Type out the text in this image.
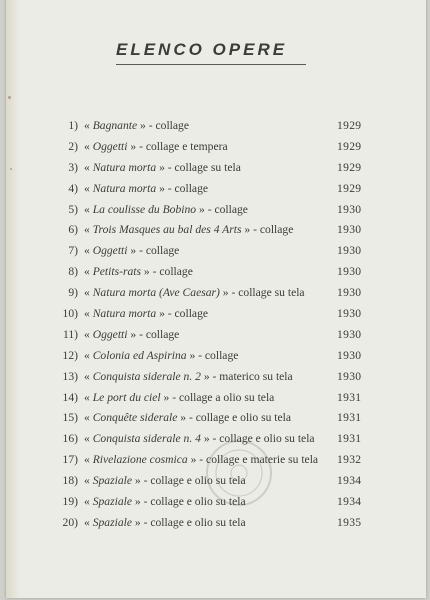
ELENCO OPERE
1) « Bagnante » - collage	1929
2) « Oggetti » - collage e tempera	1929
3) « Natura morta » - collage su tela	1929
4) « Natura morta » - collage	1929
5) « La coulisse du Bobino » - collage	1930
6) « Trois Masques au bal des 4 Arts » - collage	1930
7) « Oggetti » - collage	1930
8) « Petits-rats » - collage	1930
9) « Natura morta (Ave Caesar) » - collage su tela	1930
10) « Natura morta » - collage	1930
11) « Oggetti » - collage	1930
12) « Colonia ed Aspirina » - collage	1930
13) « Conquista siderale n. 2 » - materico su tela	1930
14) « Le port du ciel » - collage a olio su tela	1931
15) « Conquête siderale » - collage e olio su tela	1931
16) « Conquista siderale n. 4 » - collage e olio su tela 1931
17) « Rivelazione cosmica » - collage e materie su tela 1932
18) « Spaziale » - collage e olio su tela	1934
19) « Spaziale » - collage e olio su tela	1934
20) « Spaziale » - collage e olio su tela	1935
